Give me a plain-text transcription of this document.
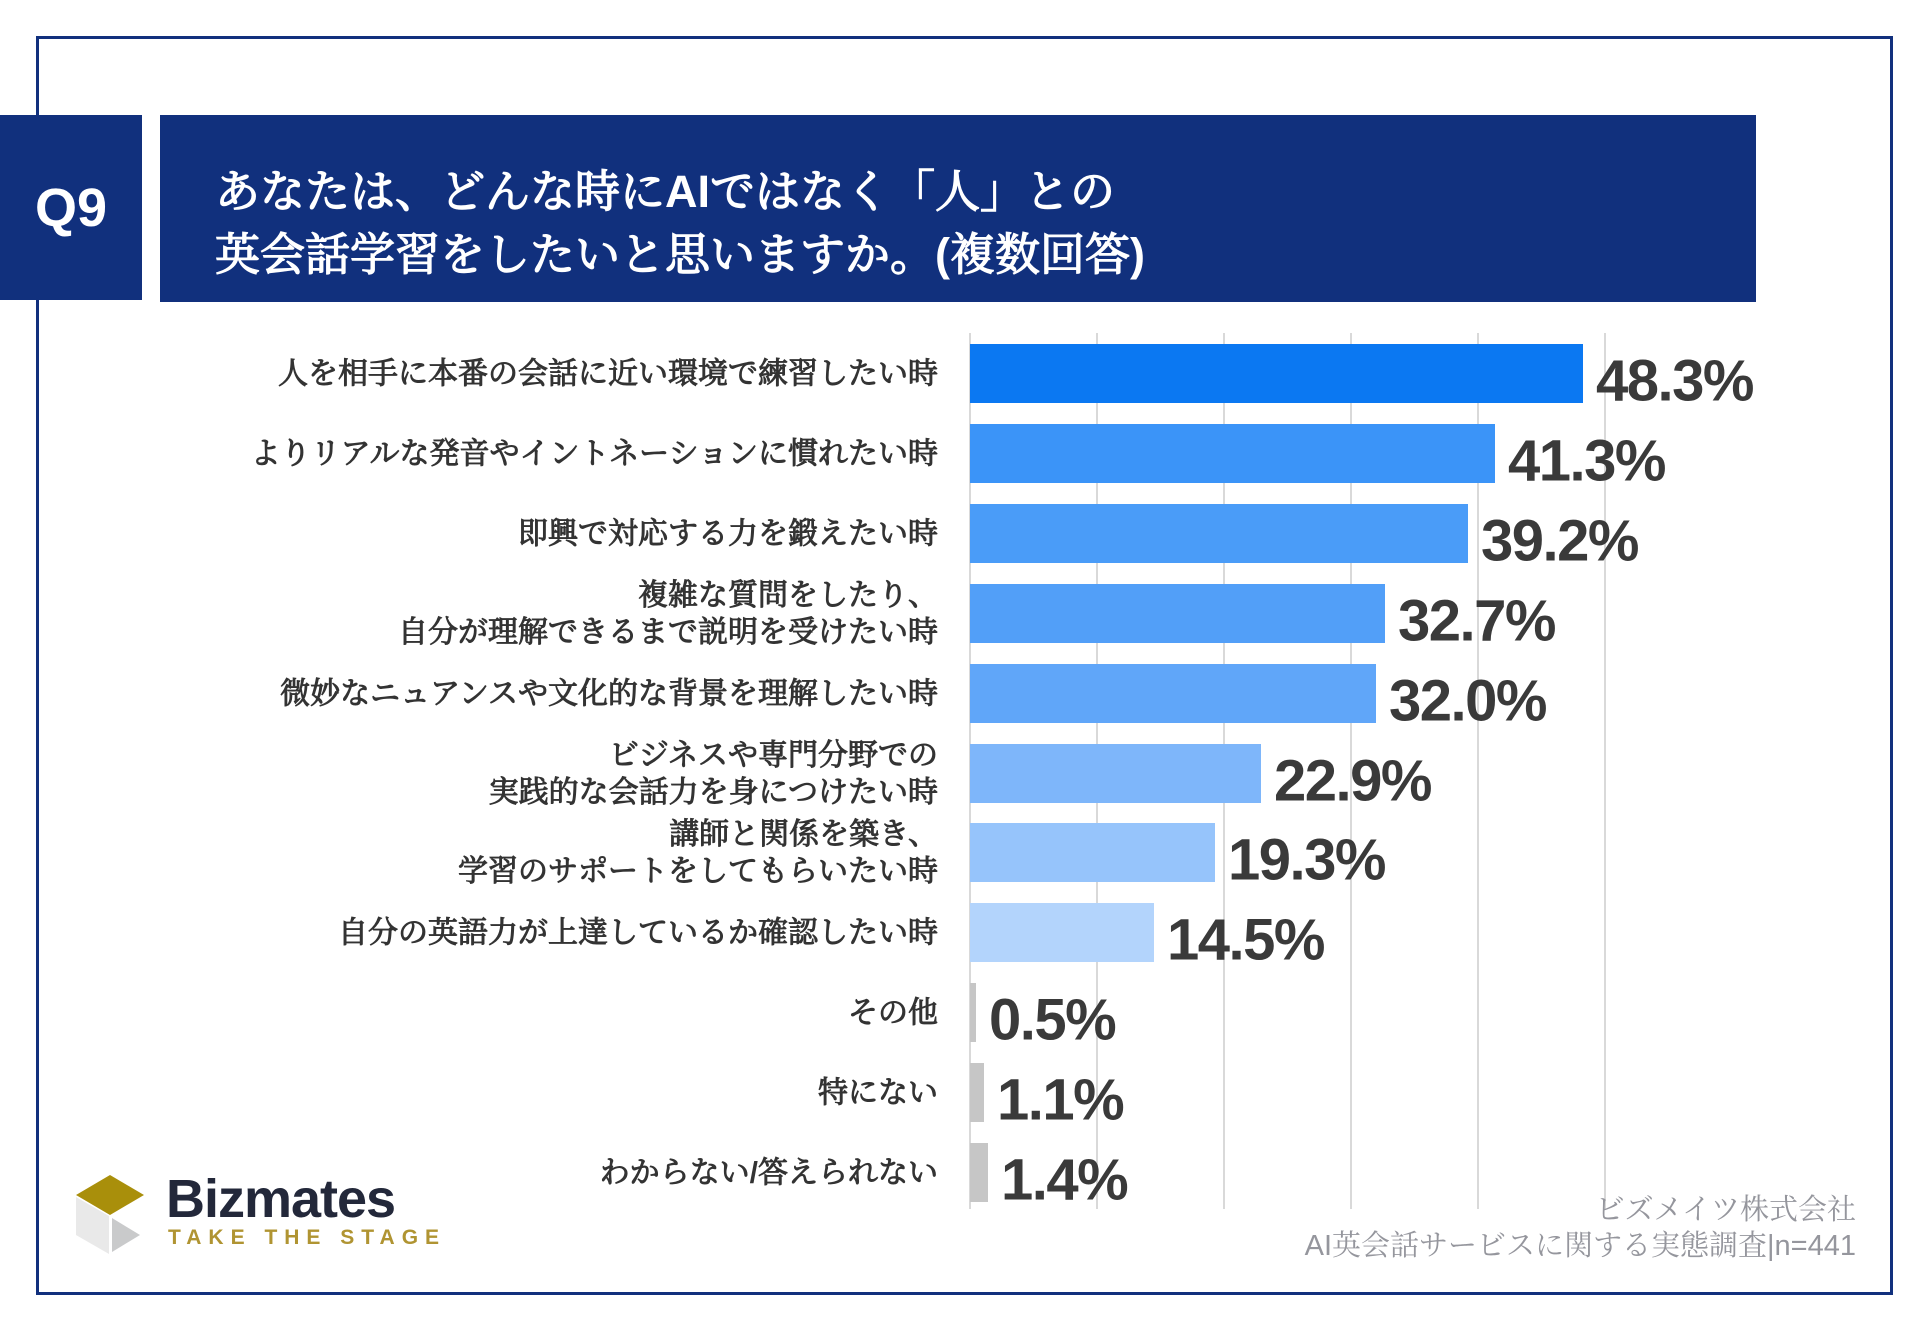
Q9 あなたは、どんな時にAIではなく「人」との
英会話学習をしたいと思いますか。(複数回答)
人を相手に本番の会話に近い環境で練習したい時	48.3%
よりリアルな発音やイントネーションに慣れたい時	41.3%
即興で対応する力を鍛えたい時	39.2%
複雑な質問をしたり、
自分が理解できるまで説明を受けたい時	32.7%
微妙なニュアンスや文化的な背景を理解したい時	32.0%
ビジネスや専門分野での
実践的な会話力を身につけたい時	22.9%
講師と関係を築き、
学習のサポートをしてもらいたい時	19.3%
自分の英語力が上達しているか確認したい時	14.5%
その他 0.5%
特にない 1.1%
わからない/答えられない 1.4%
Bizmates
TAKE THE STAGE
ビズメイツ株式会社
AI英会話サービスに関する実態調査|n=441
